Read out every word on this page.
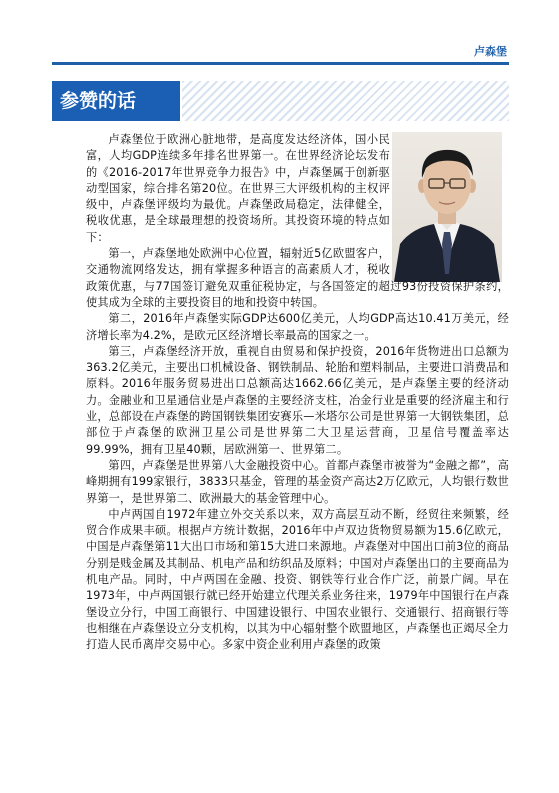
卢森堡
参赞的话

卢森堡位于欧洲心脏地带，是高度发达经济体，国小民富，人均GDP连续多年排名世界第一。在世界经济论坛发布的《2016-2017年世界竞争力报告》中，卢森堡属于创新驱动型国家，综合排名第20位。在世界三大评级机构的主权评级中，卢森堡评级均为最优。卢森堡政局稳定，法律健全，税收优惠，是全球最理想的投资场所。其投资环境的特点如下：

第一，卢森堡地处欧洲中心位置，辐射近5亿欧盟客户，交通物流网络发达，拥有掌握多种语言的高素质人才，税收政策优惠，与77国签订避免双重征税协定，与各国签定的超过93份投资保护条约，使其成为全球的主要投资目的地和投资中转国。

第二，2016年卢森堡实际GDP达600亿美元，人均GDP高达10.41万美元，经济增长率为4.2%，是欧元区经济增长率最高的国家之一。

第三，卢森堡经济开放，重视自由贸易和保护投资，2016年货物进出口总额为363.2亿美元，主要出口机械设备、钢铁制品、轮胎和塑料制品，主要进口消费品和原料。2016年服务贸易进出口总额高达1662.66亿美元，是卢森堡主要的经济动力。金融业和卫星通信业是卢森堡的主要经济支柱，冶金行业是重要的经济雇主和行业，总部设在卢森堡的跨国钢铁集团安赛乐—米塔尔公司是世界第一大钢铁集团，总部位于卢森堡的欧洲卫星公司是世界第二大卫星运营商，卫星信号覆盖率达99.99%，拥有卫星40颗，居欧洲第一、世界第二。

第四，卢森堡是世界第八大金融投资中心。首都卢森堡市被誉为“金融之都”，高峰期拥有199家银行，3833只基金，管理的基金资产高达2万亿欧元，人均银行数世界第一，是世界第二、欧洲最大的基金管理中心。

中卢两国自1972年建立外交关系以来，双方高层互动不断，经贸往来频繁，经贸合作成果丰硕。根据卢方统计数据，2016年中卢双边货物贸易额为15.6亿欧元，中国是卢森堡第11大出口市场和第15大进口来源地。卢森堡对中国出口前3位的商品分别是贱金属及其制品、机电产品和纺织品及原料；中国对卢森堡出口的主要商品为机电产品。同时，中卢两国在金融、投资、钢铁等行业合作广泛，前景广阔。早在1973年，中卢两国银行就已经开始建立代理关系业务往来，1979年中国银行在卢森堡设立分行，中国工商银行、中国建设银行、中国农业银行、交通银行、招商银行等也相继在卢森堡设立分支机构，以其为中心辐射整个欧盟地区，卢森堡也正竭尽全力打造人民币离岸交易中心。多家中资企业利用卢森堡的政策
